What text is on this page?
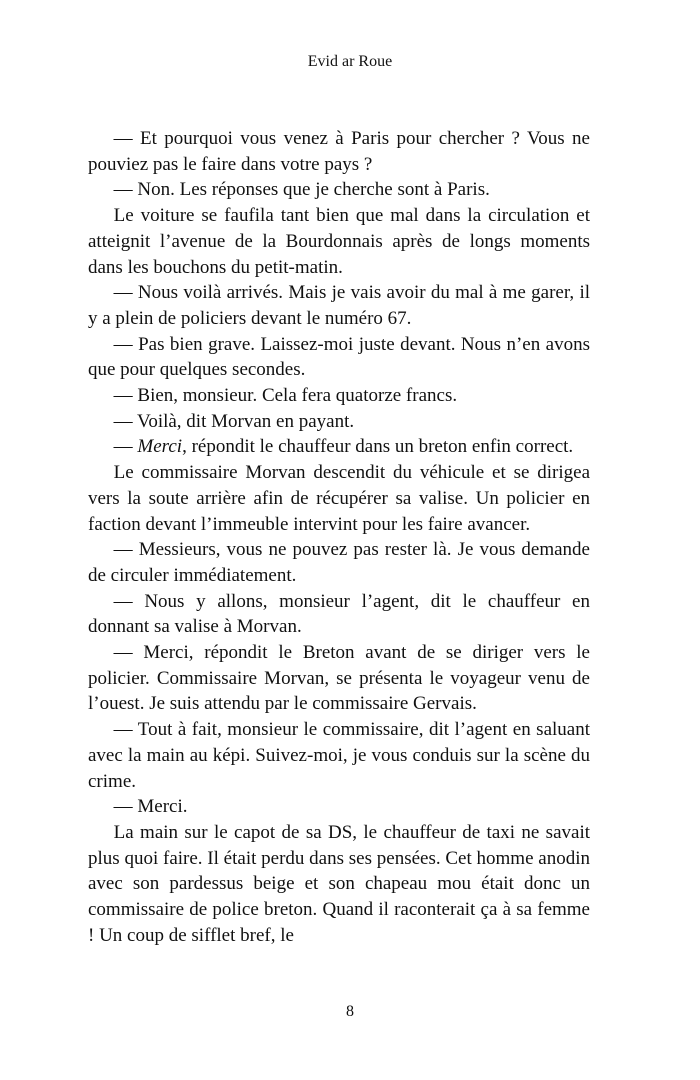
Evid ar Roue

— Et pourquoi vous venez à Paris pour chercher ? Vous ne pouviez pas le faire dans votre pays ?

— Non. Les réponses que je cherche sont à Paris.

Le voiture se faufila tant bien que mal dans la circulation et atteignit l’avenue de la Bourdonnais après de longs moments dans les bouchons du petit-matin.

— Nous voilà arrivés. Mais je vais avoir du mal à me garer, il y a plein de policiers devant le numéro 67.

— Pas bien grave. Laissez-moi juste devant. Nous n’en avons que pour quelques secondes.

— Bien, monsieur. Cela fera quatorze francs.

— Voilà, dit Morvan en payant.

— Merci, répondit le chauffeur dans un breton enfin correct.

Le commissaire Morvan descendit du véhicule et se dirigea vers la soute arrière afin de récupérer sa valise. Un policier en faction devant l’immeuble intervint pour les faire avancer.

— Messieurs, vous ne pouvez pas rester là. Je vous demande de circuler immédiatement.

— Nous y allons, monsieur l’agent, dit le chauffeur en donnant sa valise à Morvan.

— Merci, répondit le Breton avant de se diriger vers le policier. Commissaire Morvan, se présenta le voyageur venu de l’ouest. Je suis attendu par le commissaire Gervais.

— Tout à fait, monsieur le commissaire, dit l’agent en saluant avec la main au képi. Suivez-moi, je vous conduis sur la scène du crime.

— Merci.

La main sur le capot de sa DS, le chauffeur de taxi ne savait plus quoi faire. Il était perdu dans ses pensées. Cet homme anodin avec son pardessus beige et son chapeau mou était donc un commissaire de police breton. Quand il raconterait ça à sa femme ! Un coup de sifflet bref, le

8
